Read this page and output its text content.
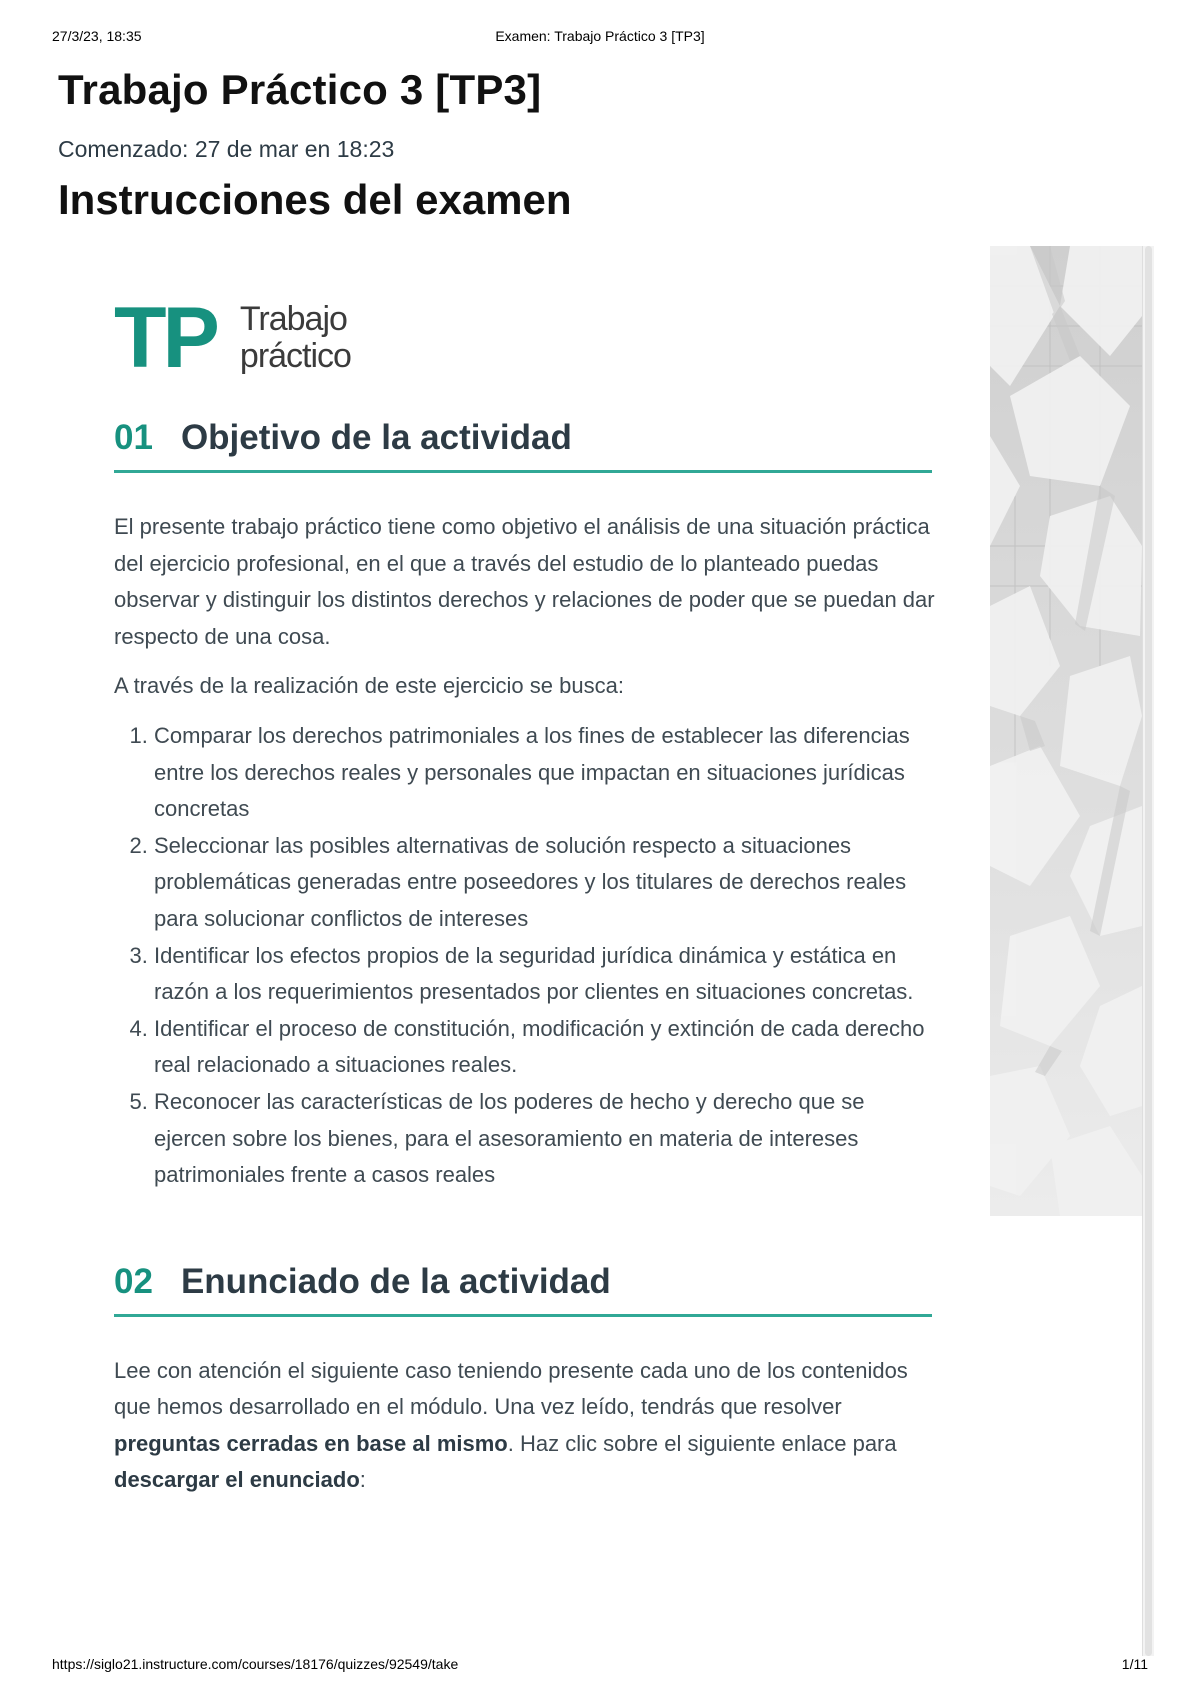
27/3/23, 18:35	Examen: Trabajo Práctico 3 [TP3]
Trabajo Práctico 3 [TP3]
Comenzado: 27 de mar en 18:23
Instrucciones del examen
TP Trabajo
práctico
01 Objetivo de la actividad

El presente trabajo práctico tiene como objetivo el análisis de una situación práctica del ejercicio profesional, en el que a través del estudio de lo planteado puedas observar y distinguir los distintos derechos y relaciones de poder que se puedan dar respecto de una cosa.

A través de la realización de este ejercicio se busca:

1. Comparar los derechos patrimoniales a los fines de establecer las diferencias entre los derechos reales y personales que impactan en situaciones jurídicas concretas
2. Seleccionar las posibles alternativas de solución respecto a situaciones problemáticas generadas entre poseedores y los titulares de derechos reales para solucionar conflictos de intereses
3. Identificar los efectos propios de la seguridad jurídica dinámica y estática en razón a los requerimientos presentados por clientes en situaciones concretas.
4. Identificar el proceso de constitución, modificación y extinción de cada derecho real relacionado a situaciones reales.
5. Reconocer las características de los poderes de hecho y derecho que se ejercen sobre los bienes, para el asesoramiento en materia de intereses patrimoniales frente a casos reales
02 Enunciado de la actividad

Lee con atención el siguiente caso teniendo presente cada uno de los contenidos que hemos desarrollado en el módulo. Una vez leído, tendrás que resolver preguntas cerradas en base al mismo. Haz clic sobre el siguiente enlace para descargar el enunciado:

https://siglo21.instructure.com/courses/18176/quizzes/92549/take	1/11
